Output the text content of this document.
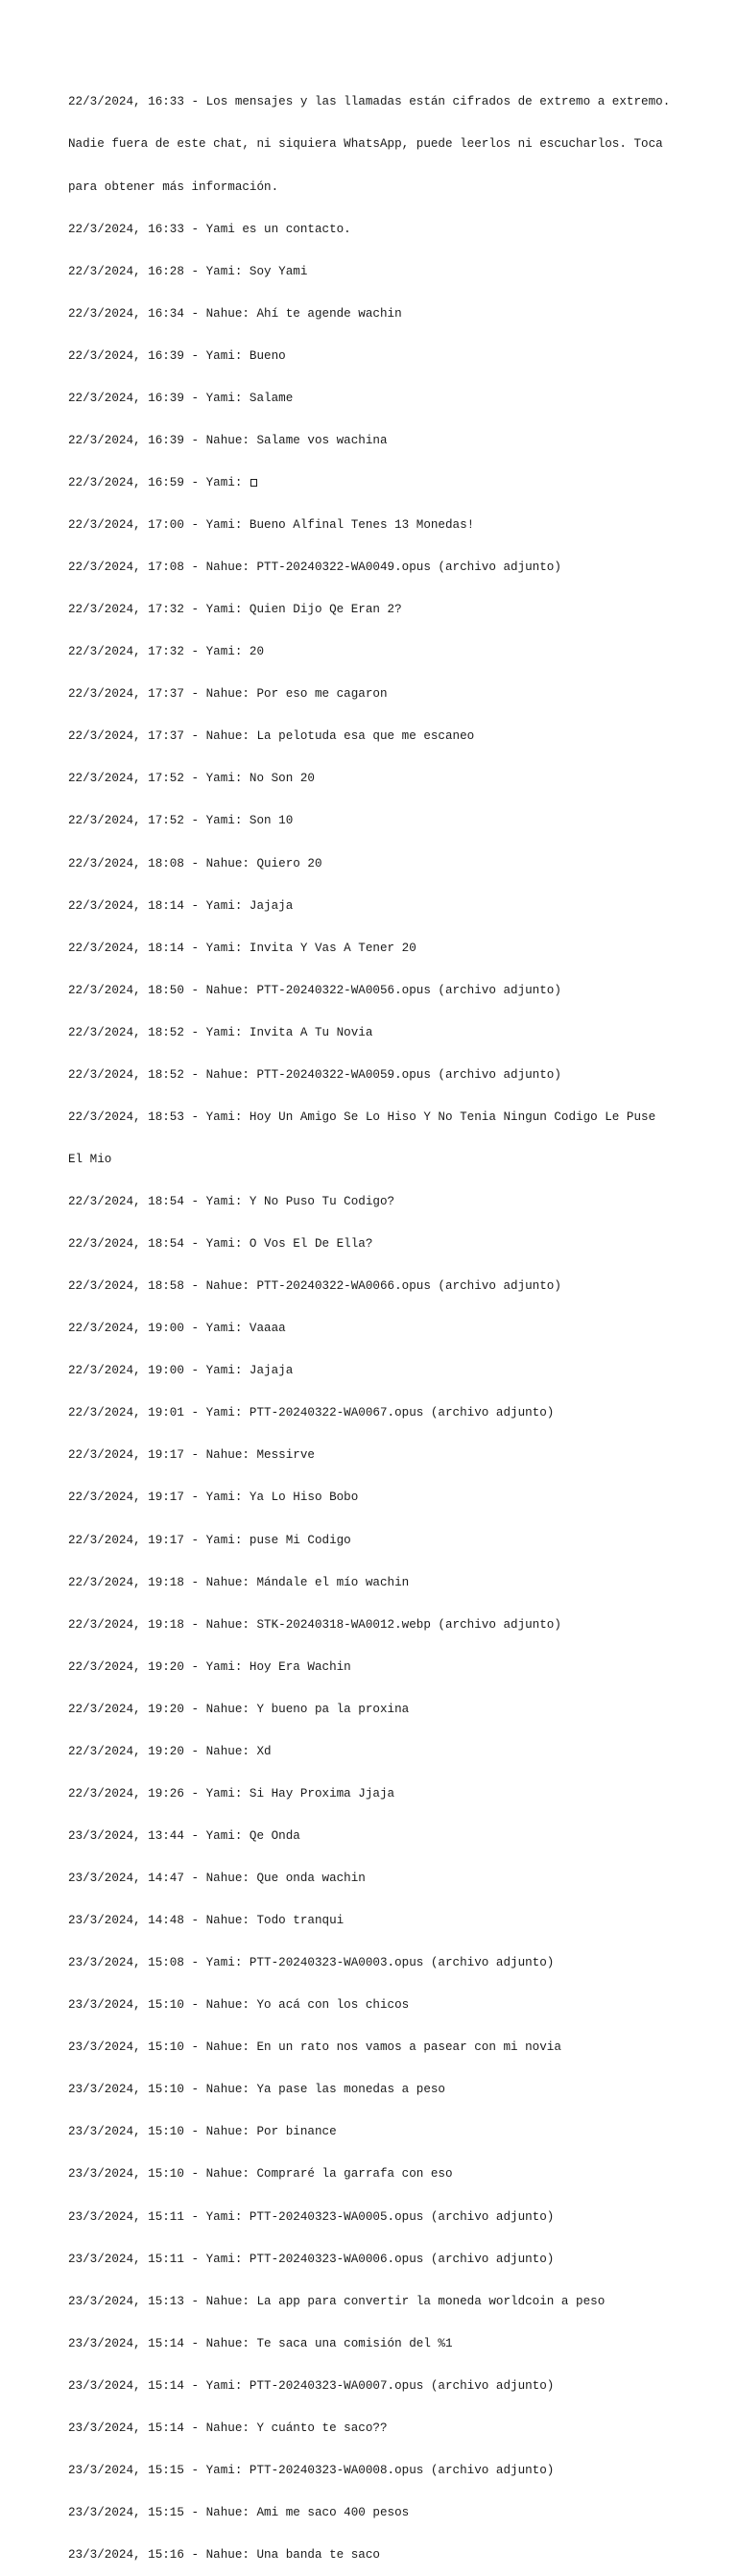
22/3/2024, 16:33 - Los mensajes y las llamadas están cifrados de extremo a extremo.

Nadie fuera de este chat, ni siquiera WhatsApp, puede leerlos ni escucharlos. Toca

para obtener más información.

22/3/2024, 16:33 - Yami es un contacto.

22/3/2024, 16:28 - Yami: Soy Yami

22/3/2024, 16:34 - Nahue: Ahí te agende wachin

22/3/2024, 16:39 - Yami: Bueno

22/3/2024, 16:39 - Yami: Salame

22/3/2024, 16:39 - Nahue: Salame vos wachina

22/3/2024, 16:59 - Yami:

22/3/2024, 17:00 - Yami: Bueno Alfinal Tenes 13 Monedas!

22/3/2024, 17:08 - Nahue: PTT-20240322-WA0049.opus (archivo adjunto)

22/3/2024, 17:32 - Yami: Quien Dijo Qe Eran 2?

22/3/2024, 17:32 - Yami: 20

22/3/2024, 17:37 - Nahue: Por eso me cagaron

22/3/2024, 17:37 - Nahue: La pelotuda esa que me escaneo

22/3/2024, 17:52 - Yami: No Son 20

22/3/2024, 17:52 - Yami: Son 10

22/3/2024, 18:08 - Nahue: Quiero 20

22/3/2024, 18:14 - Yami: Jajaja

22/3/2024, 18:14 - Yami: Invita Y Vas A Tener 20

22/3/2024, 18:50 - Nahue: PTT-20240322-WA0056.opus (archivo adjunto)

22/3/2024, 18:52 - Yami: Invita A Tu Novia

22/3/2024, 18:52 - Nahue: PTT-20240322-WA0059.opus (archivo adjunto)

22/3/2024, 18:53 - Yami: Hoy Un Amigo Se Lo Hiso Y No Tenia Ningun Codigo Le Puse

El Mio

22/3/2024, 18:54 - Yami: Y No Puso Tu Codigo?

22/3/2024, 18:54 - Yami: O Vos El De Ella?

22/3/2024, 18:58 - Nahue: PTT-20240322-WA0066.opus (archivo adjunto)

22/3/2024, 19:00 - Yami: Vaaaa

22/3/2024, 19:00 - Yami: Jajaja

22/3/2024, 19:01 - Yami: PTT-20240322-WA0067.opus (archivo adjunto)

22/3/2024, 19:17 - Nahue: Messirve

22/3/2024, 19:17 - Yami: Ya Lo Hiso Bobo

22/3/2024, 19:17 - Yami: puse Mi Codigo

22/3/2024, 19:18 - Nahue: Mándale el mío wachin

22/3/2024, 19:18 - Nahue: STK-20240318-WA0012.webp (archivo adjunto)

22/3/2024, 19:20 - Yami: Hoy Era Wachin

22/3/2024, 19:20 - Nahue: Y bueno pa la proxina

22/3/2024, 19:20 - Nahue: Xd

22/3/2024, 19:26 - Yami: Si Hay Proxima Jjaja

23/3/2024, 13:44 - Yami: Qe Onda

23/3/2024, 14:47 - Nahue: Que onda wachin

23/3/2024, 14:48 - Nahue: Todo tranqui

23/3/2024, 15:08 - Yami: PTT-20240323-WA0003.opus (archivo adjunto)

23/3/2024, 15:10 - Nahue: Yo acá con los chicos

23/3/2024, 15:10 - Nahue: En un rato nos vamos a pasear con mi novia

23/3/2024, 15:10 - Nahue: Ya pase las monedas a peso

23/3/2024, 15:10 - Nahue: Por binance

23/3/2024, 15:10 - Nahue: Compraré la garrafa con eso

23/3/2024, 15:11 - Yami: PTT-20240323-WA0005.opus (archivo adjunto)

23/3/2024, 15:11 - Yami: PTT-20240323-WA0006.opus (archivo adjunto)

23/3/2024, 15:13 - Nahue: La app para convertir la moneda worldcoin a peso

23/3/2024, 15:14 - Nahue: Te saca una comisión del %1

23/3/2024, 15:14 - Yami: PTT-20240323-WA0007.opus (archivo adjunto)

23/3/2024, 15:14 - Nahue: Y cuánto te saco??

23/3/2024, 15:15 - Yami: PTT-20240323-WA0008.opus (archivo adjunto)

23/3/2024, 15:15 - Nahue: Ami me saco 400 pesos

23/3/2024, 15:16 - Nahue: Una banda te saco
